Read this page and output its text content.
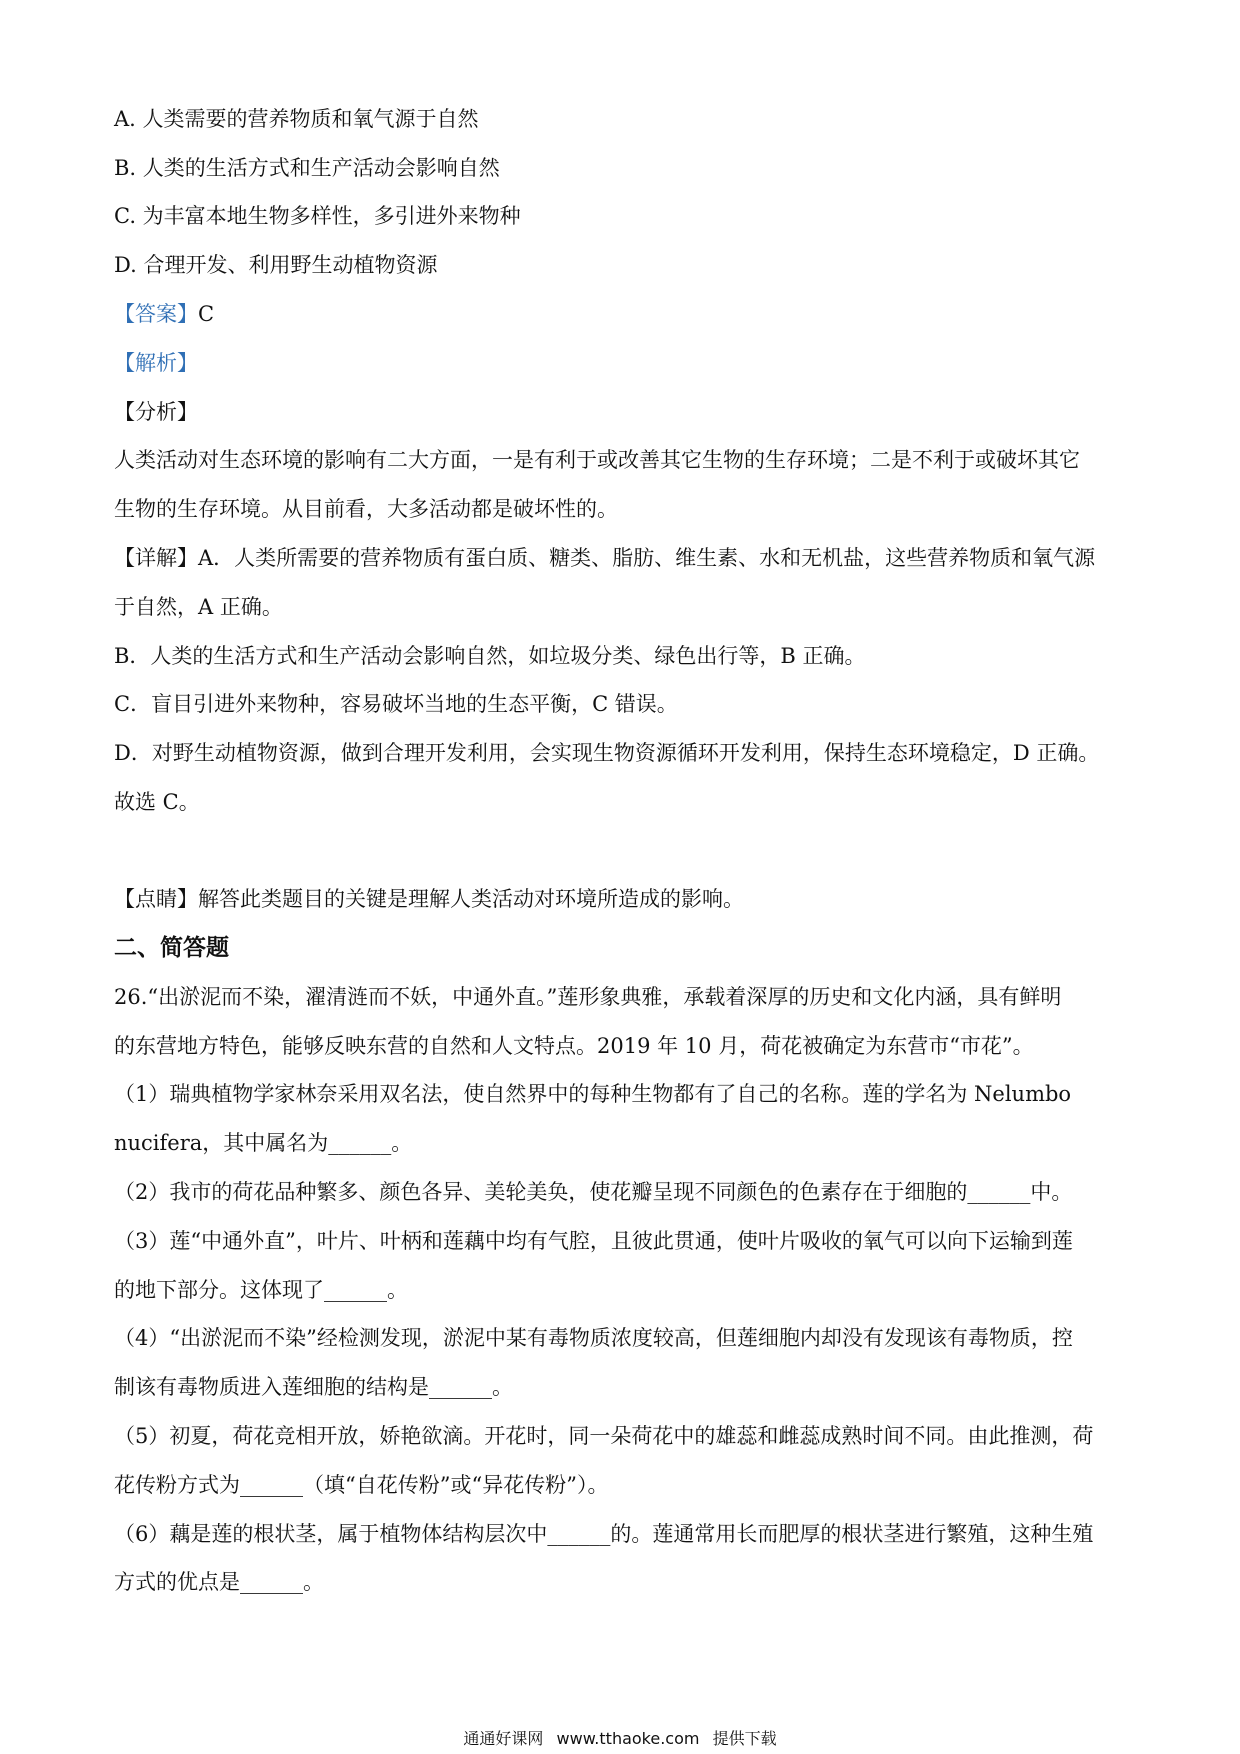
A. 人类需要的营养物质和氧气源于自然
B. 人类的生活方式和生产活动会影响自然
C. 为丰富本地生物多样性，多引进外来物种
D. 合理开发、利用野生动植物资源
【答案】C
【解析】
【分析】
人类活动对生态环境的影响有二大方面，一是有利于或改善其它生物的生存环境；二是不利于或破坏其它
生物的生存环境。从目前看，大多活动都是破坏性的。
【详解】A．人类所需要的营养物质有蛋白质、糖类、脂肪、维生素、水和无机盐，这些营养物质和氧气源
于自然，A 正确。
B．人类的生活方式和生产活动会影响自然，如垃圾分类、绿色出行等，B 正确。
C．盲目引进外来物种，容易破坏当地的生态平衡，C 错误。
D．对野生动植物资源，做到合理开发利用，会实现生物资源循环开发利用，保持生态环境稳定，D 正确。
故选 C。
【点睛】解答此类题目的关键是理解人类活动对环境所造成的影响。
二、简答题
26.“出淤泥而不染，濯清涟而不妖，中通外直。”莲形象典雅，承载着深厚的历史和文化内涵，具有鲜明
的东营地方特色，能够反映东营的自然和人文特点。2019 年 10 月，荷花被确定为东营市“市花”。
（1）瑞典植物学家林奈采用双名法，使自然界中的每种生物都有了自己的名称。莲的学名为 Nelumbo
nucifera，其中属名为______。
（2）我市的荷花品种繁多、颜色各异、美轮美奂，使花瓣呈现不同颜色的色素存在于细胞的______中。
（3）莲“中通外直”，叶片、叶柄和莲藕中均有气腔，且彼此贯通，使叶片吸收的氧气可以向下运输到莲
的地下部分。这体现了______。
（4）“出淤泥而不染”经检测发现，淤泥中某有毒物质浓度较高，但莲细胞内却没有发现该有毒物质，控
制该有毒物质进入莲细胞的结构是______。
（5）初夏，荷花竞相开放，娇艳欲滴。开花时，同一朵荷花中的雄蕊和雌蕊成熟时间不同。由此推测，荷
花传粉方式为______（填“自花传粉”或“异花传粉”）。
（6）藕是莲的根状茎，属于植物体结构层次中______的。莲通常用长而肥厚的根状茎进行繁殖，这种生殖
方式的优点是______。
通通好课网 www.tthaoke.com 提供下载
